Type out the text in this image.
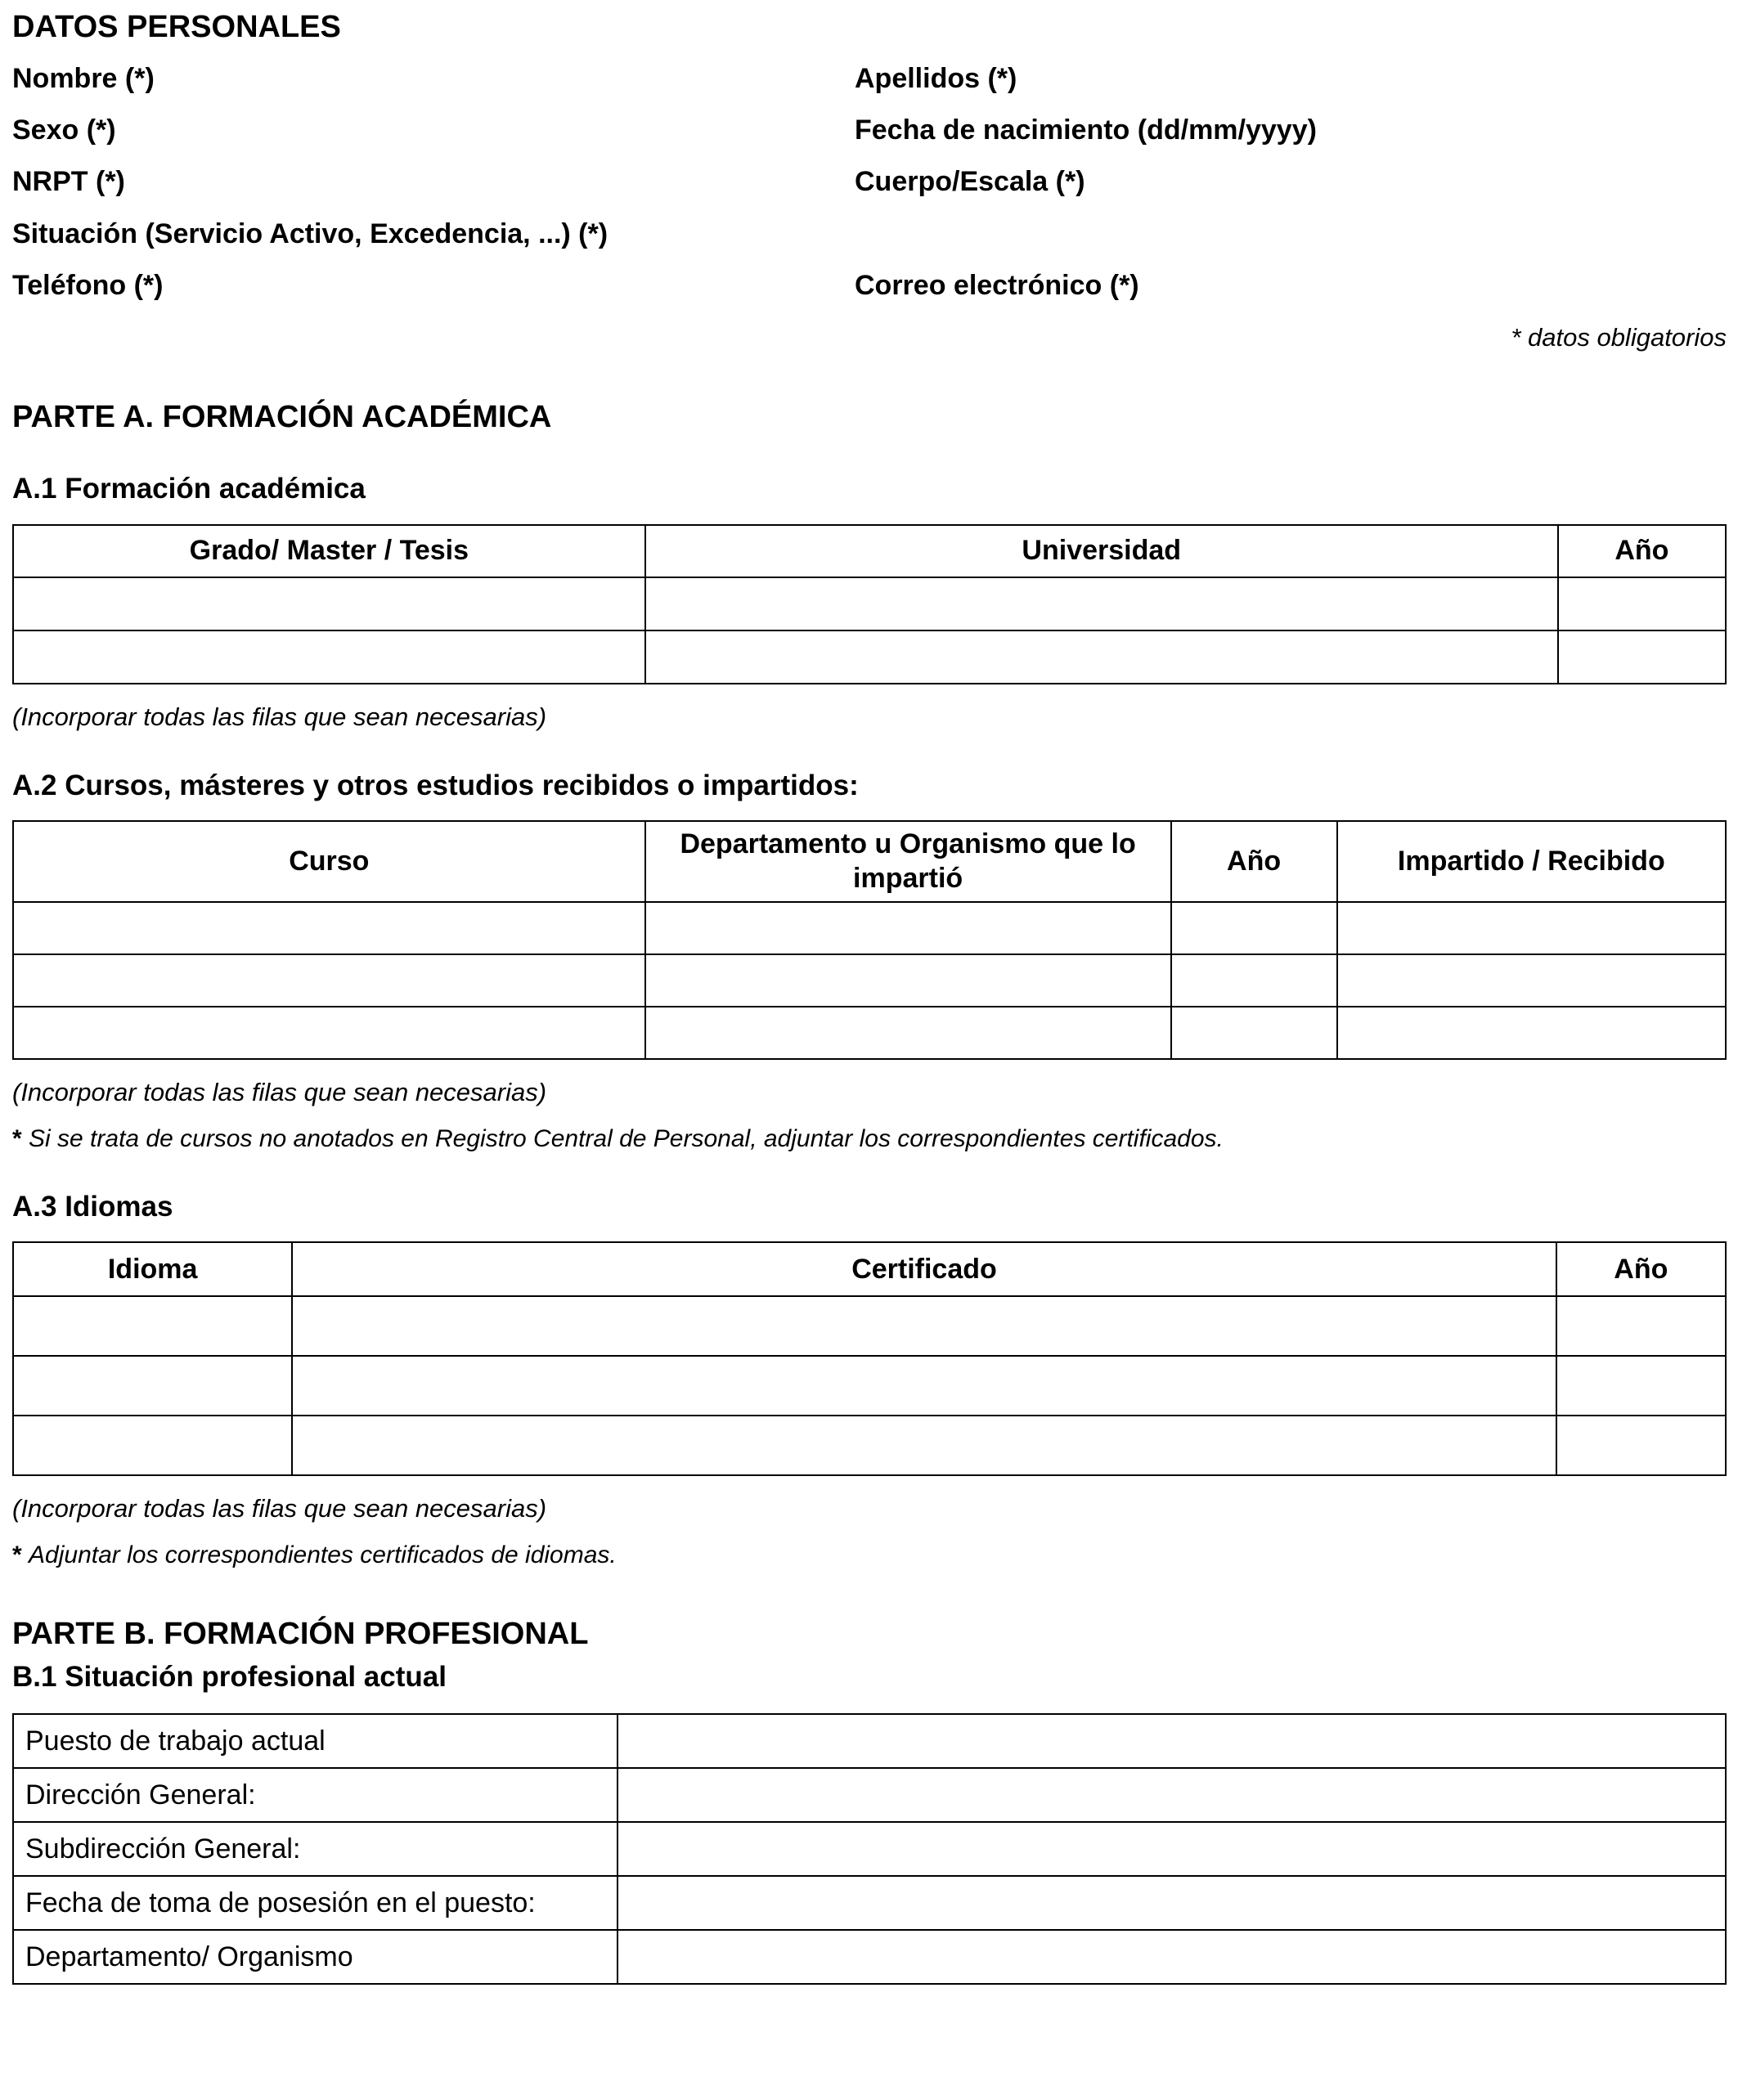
DATOS PERSONALES
Nombre (*)	Apellidos (*)
Sexo (*)	Fecha de nacimiento (dd/mm/yyyy)
NRPT (*)	Cuerpo/Escala (*)
Situación (Servicio Activo, Excedencia, ...) (*)
Teléfono (*)	Correo electrónico (*)
* datos obligatorios
PARTE A. FORMACIÓN ACADÉMICA
A.1 Formación académica
Grado/ Master / Tesis	Universidad	Año

(Incorporar todas las filas que sean necesarias)
A.2 Cursos, másteres y otros estudios recibidos o impartidos:
Curso	Departamento u Organismo que lo impartió	Año	Impartido / Recibido

(Incorporar todas las filas que sean necesarias)
* Si se trata de cursos no anotados en Registro Central de Personal, adjuntar los correspondientes certificados.
A.3 Idiomas
Idioma	Certificado	Año

(Incorporar todas las filas que sean necesarias)
* Adjuntar los correspondientes certificados de idiomas.
PARTE B. FORMACIÓN PROFESIONAL
B.1 Situación profesional actual
Puesto de trabajo actual	
Dirección General:	
Subdirección General:	
Fecha de toma de posesión en el puesto:	
Departamento/ Organismo	
